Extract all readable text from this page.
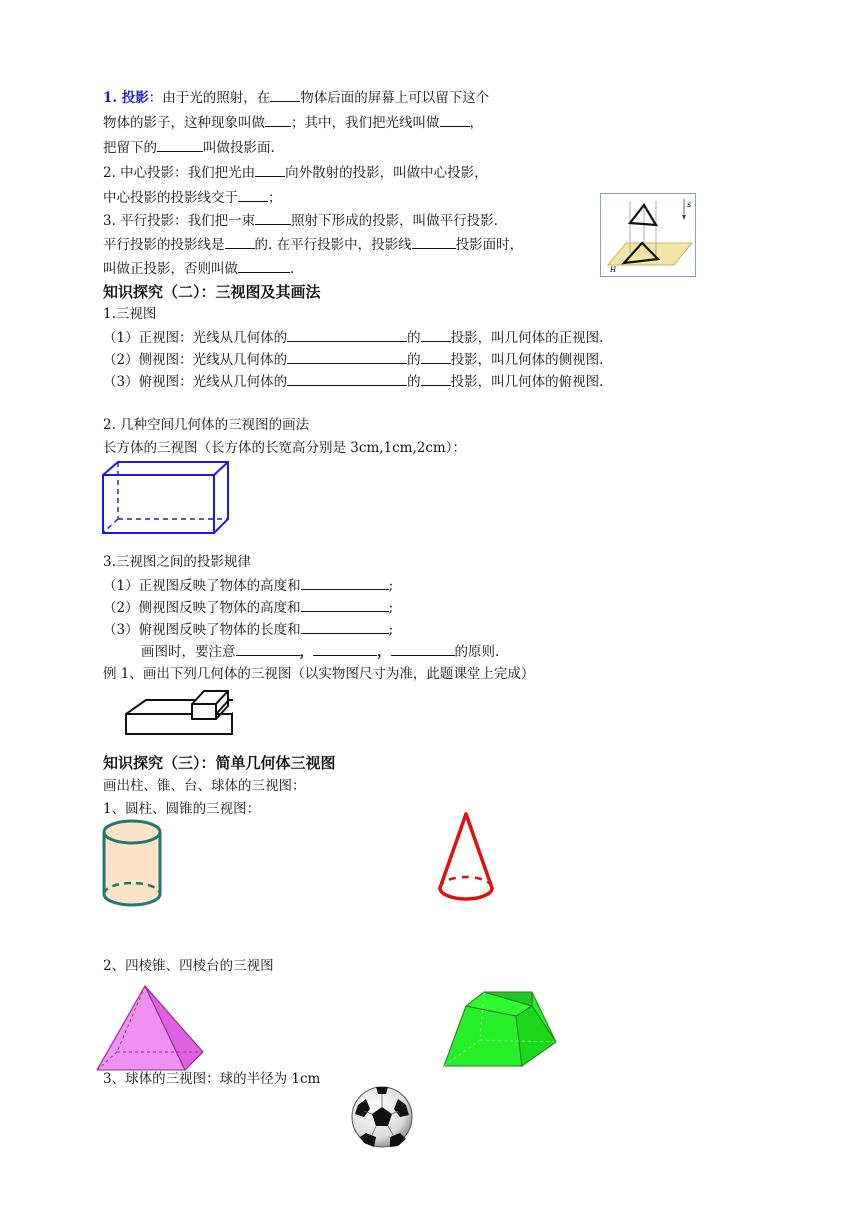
1. 投影：由于光的照射，在 物体后面的屏幕上可以留下这个
物体的影子，这种现象叫做 ；其中，我们把光线叫做 ，
把留下的	叫做投影面.
2. 中心投影：我们把光由 向外散射的投影，叫做中心投影，
中心投影的投影线交于 ；
3. 平行投影：我们把一束	照射下形成的投影，叫做平行投影.
平行投影的投影线是 的. 在平行投影中，投影线	投影面时，
叫做正投影，否则叫做	.
s
H
知识探究（二）：三视图及其画法
1.三视图
（1）正视图：光线从几何体的	的 投影，叫几何体的正视图.
（2）侧视图：光线从几何体的	的 投影，叫几何体的侧视图.
（3）俯视图：光线从几何体的	的 投影，叫几何体的俯视图.
2. 几种空间几何体的三视图的画法
长方体的三视图（长方体的长宽高分别是 3cm,1cm,2cm）：
3.三视图之间的投影规律
（1）正视图反映了物体的高度和	;
（2）侧视图反映了物体的高度和	;
（3）俯视图反映了物体的长度和	;
画图时，要注意	，	，	的原则.
例 1、画出下列几何体的三视图（以实物图尺寸为准，此题课堂上完成）
知识探究（三）：简单几何体三视图
画出柱、锥、台、球体的三视图：
1、圆柱、圆锥的三视图：
2、四棱锥、四棱台的三视图
3、球体的三视图：球的半径为 1cm
